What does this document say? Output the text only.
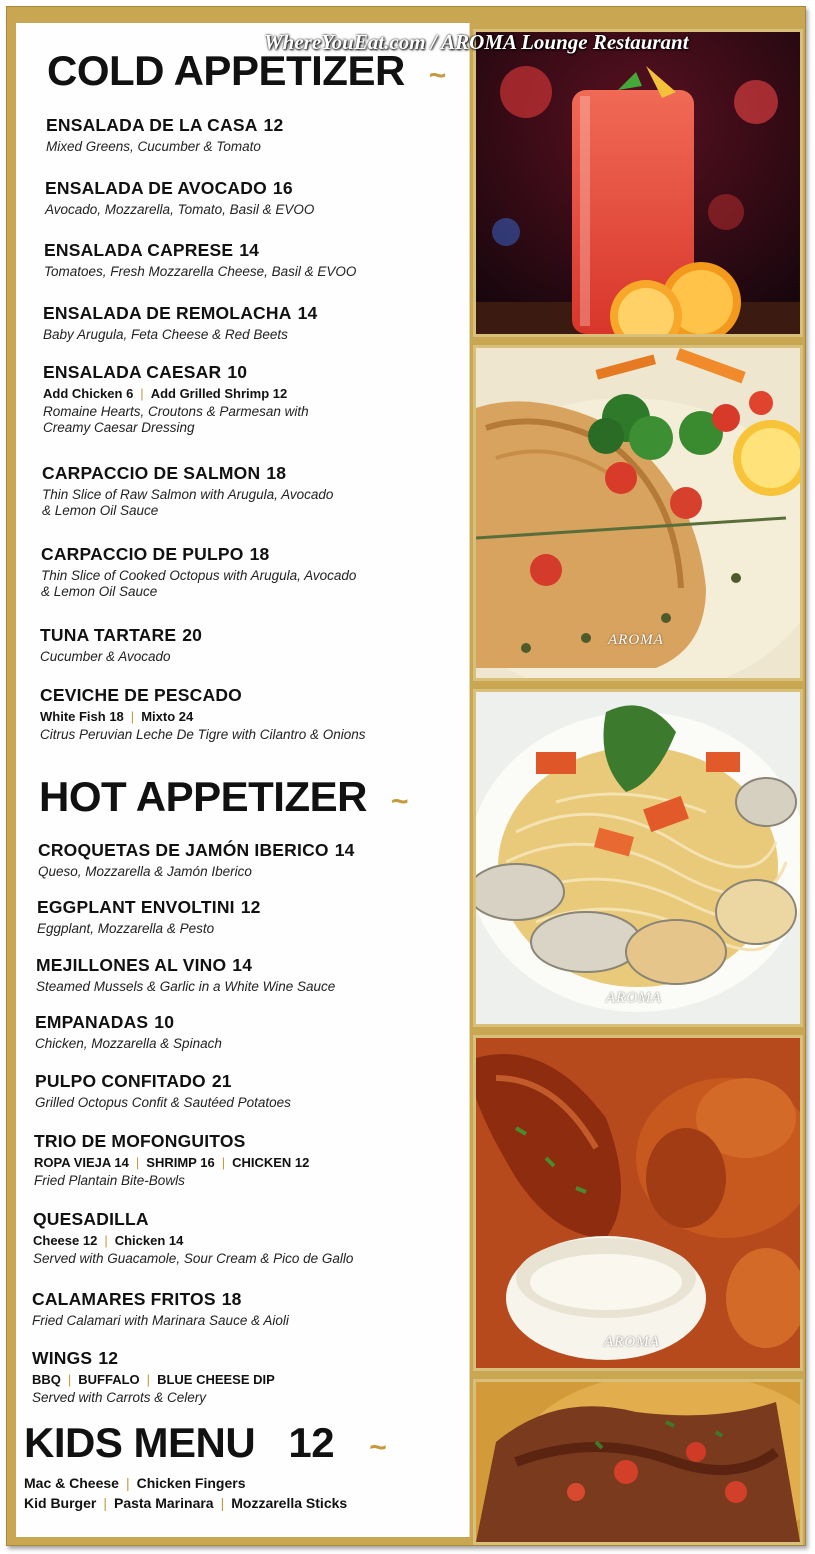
COLD APPETIZER ~
ENSALADA DE LA CASA 12
Mixed Greens, Cucumber & Tomato
ENSALADA DE AVOCADO 16
Avocado, Mozzarella, Tomato, Basil & EVOO
ENSALADA CAPRESE 14
Tomatoes, Fresh Mozzarella Cheese, Basil & EVOO
ENSALADA DE REMOLACHA 14
Baby Arugula, Feta Cheese & Red Beets
ENSALADA CAESAR 10
Add Chicken 6 | Add Grilled Shrimp 12
Romaine Hearts, Croutons & Parmesan with
Creamy Caesar Dressing
CARPACCIO DE SALMON 18
Thin Slice of Raw Salmon with Arugula, Avocado
& Lemon Oil Sauce
CARPACCIO DE PULPO 18
Thin Slice of Cooked Octopus with Arugula, Avocado
& Lemon Oil Sauce
TUNA TARTARE 20
Cucumber & Avocado
CEVICHE DE PESCADO
White Fish 18 | Mixto 24
Citrus Peruvian Leche De Tigre with Cilantro & Onions
HOT APPETIZER ~
CROQUETAS DE JAMÓN IBERICO 14
Queso, Mozzarella & Jamón Iberico
EGGPLANT ENVOLTINI 12
Eggplant, Mozzarella & Pesto
MEJILLONES AL VINO 14
Steamed Mussels & Garlic in a White Wine Sauce
EMPANADAS 10
Chicken, Mozzarella & Spinach
PULPO CONFITADO 21
Grilled Octopus Confit & Sautéed Potatoes
TRIO DE MOFONGUITOS
ROPA VIEJA 14 | SHRIMP 16 | CHICKEN 12
Fried Plantain Bite-Bowls
QUESADILLA
Cheese 12 | Chicken 14
Served with Guacamole, Sour Cream & Pico de Gallo
CALAMARES FRITOS 18
Fried Calamari with Marinara Sauce & Aioli
WINGS 12
BBQ | BUFFALO | BLUE CHEESE DIP
Served with Carrots & Celery
KIDS MENU 12 ~
Mac & Cheese | Chicken Fingers
Kid Burger | Pasta Marinara | Mozzarella Sticks
AROMA
AROMA
AROMA
WhereYouEat.com / AROMA Lounge Restaurant
